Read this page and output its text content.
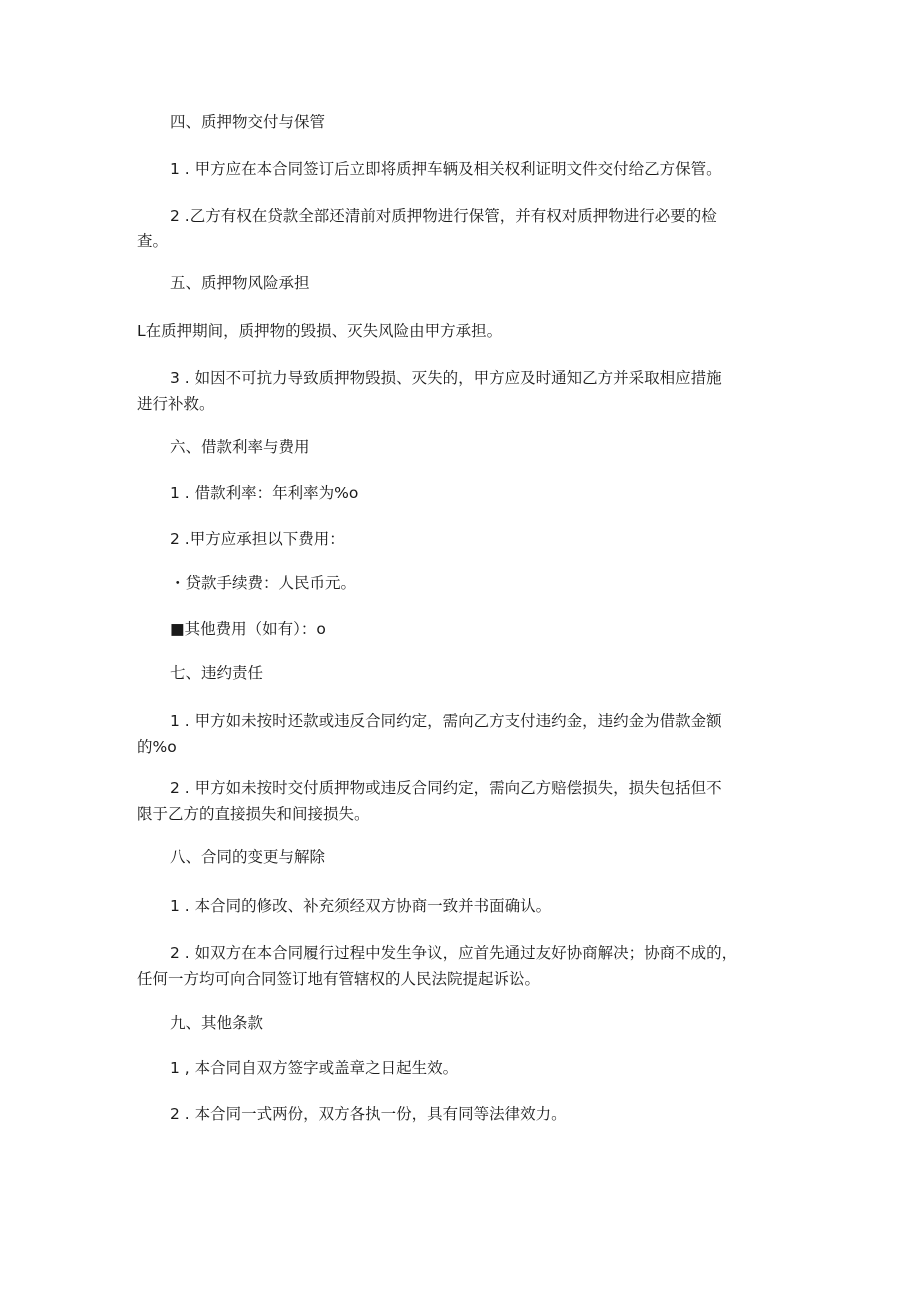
四、质押物交付与保管
1 . 甲方应在本合同签订后立即将质押车辆及相关权利证明文件交付给乙方保管。
2 .乙方有权在贷款全部还清前对质押物进行保管，并有权对质押物进行必要的检
查。
五、质押物风险承担
L在质押期间，质押物的毁损、灭失风险由甲方承担。
3 . 如因不可抗力导致质押物毁损、灭失的，甲方应及时通知乙方并采取相应措施
进行补救。
六、借款利率与费用
1 . 借款利率：年利率为%o
2 .甲方应承担以下费用：
・贷款手续费：人民币元。
■其他费用（如有）：o
七、违约责任
1 . 甲方如未按时还款或违反合同约定，需向乙方支付违约金，违约金为借款金额
的%o
2 . 甲方如未按时交付质押物或违反合同约定，需向乙方赔偿损失，损失包括但不
限于乙方的直接损失和间接损失。
八、合同的变更与解除
1 . 本合同的修改、补充须经双方协商一致并书面确认。
2 . 如双方在本合同履行过程中发生争议，应首先通过友好协商解决；协商不成的，
任何一方均可向合同签订地有管辖权的人民法院提起诉讼。
九、其他条款
1 , 本合同自双方签字或盖章之日起生效。
2 . 本合同一式两份，双方各执一份，具有同等法律效力。
